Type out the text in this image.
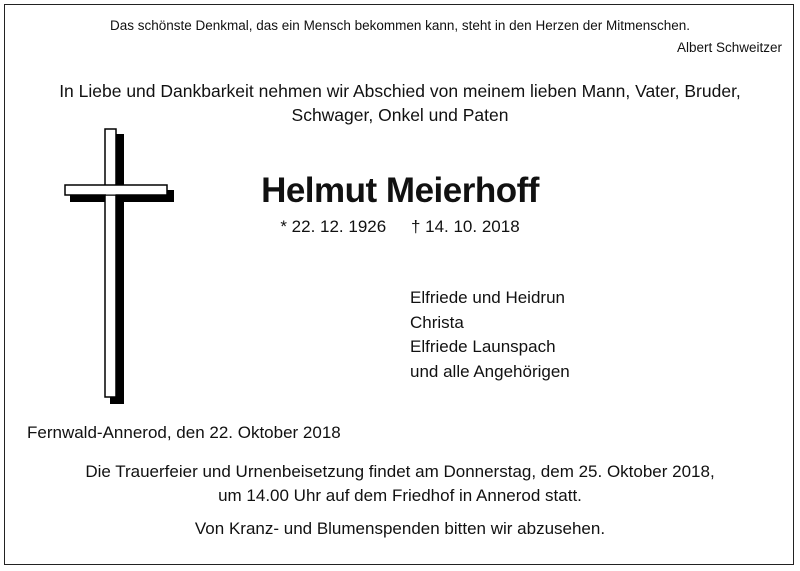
Das schönste Denkmal, das ein Mensch bekommen kann, steht in den Herzen der Mitmenschen.

Albert Schweitzer

In Liebe und Dankbarkeit nehmen wir Abschied von meinem lieben Mann, Vater, Bruder,
Schwager, Onkel und Paten
Helmut Meierhoff
* 22. 12. 1926 † 14. 10. 2018
Elfriede und Heidrun
Christa
Elfriede Launspach
und alle Angehörigen

Fernwald-Annerod, den 22. Oktober 2018

Die Trauerfeier und Urnenbeisetzung findet am Donnerstag, dem 25. Oktober 2018,
um 14.00 Uhr auf dem Friedhof in Annerod statt.

Von Kranz- und Blumenspenden bitten wir abzusehen.
